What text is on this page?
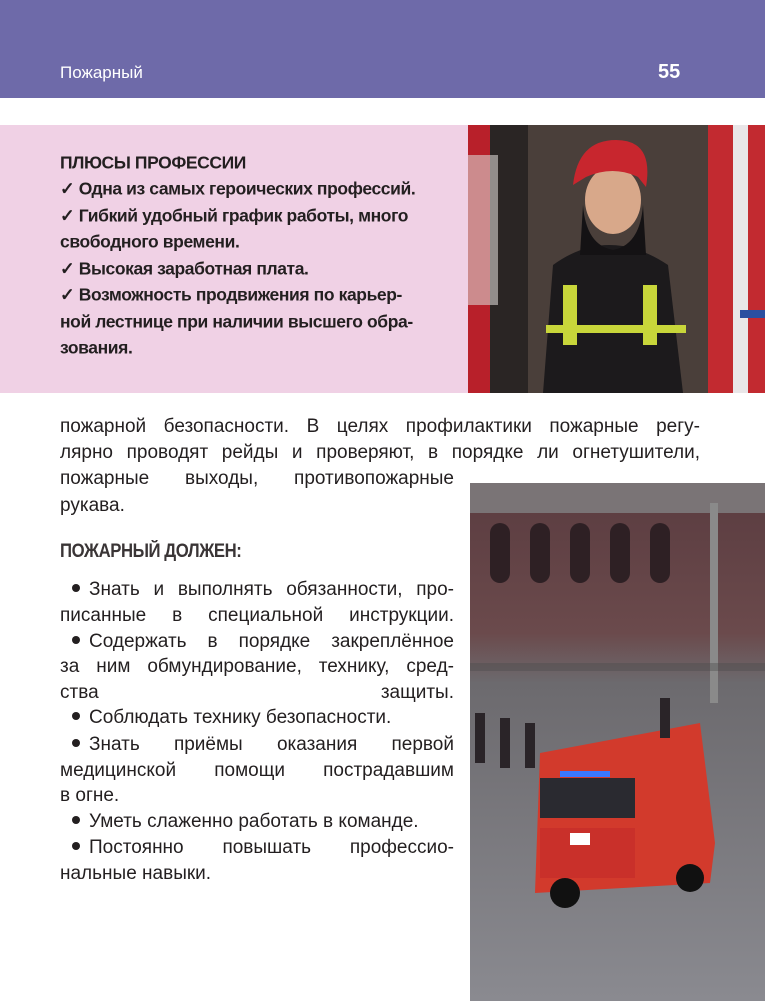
Пожарный	55
ПЛЮСЫ ПРОФЕССИИ
✓ Одна из самых героических профессий.
✓ Гибкий удобный график работы, много
свободного времени.
✓ Высокая заработная плата.
✓ Возможность продвижения по карьер-
ной лестнице при наличии высшего обра-
зования.
пожарной безопасности. В целях профилактики пожарные регу-
лярно проводят рейды и проверяют, в порядке ли огнетушители,
пожарные выходы, противопожарные
рукава.
ПОЖАРНЫЙ ДОЛЖЕН:
Знать и выполнять обязанности, про-
писанные в специальной инструкции.
Содержать в порядке закреплённое
за ним обмундирование, технику, сред-
ства защиты.
Соблюдать технику безопасности.
Знать приёмы оказания первой
медицинской помощи пострадавшим
в огне.
Уметь слаженно работать в команде.
Постоянно повышать профессио-
нальные навыки.
